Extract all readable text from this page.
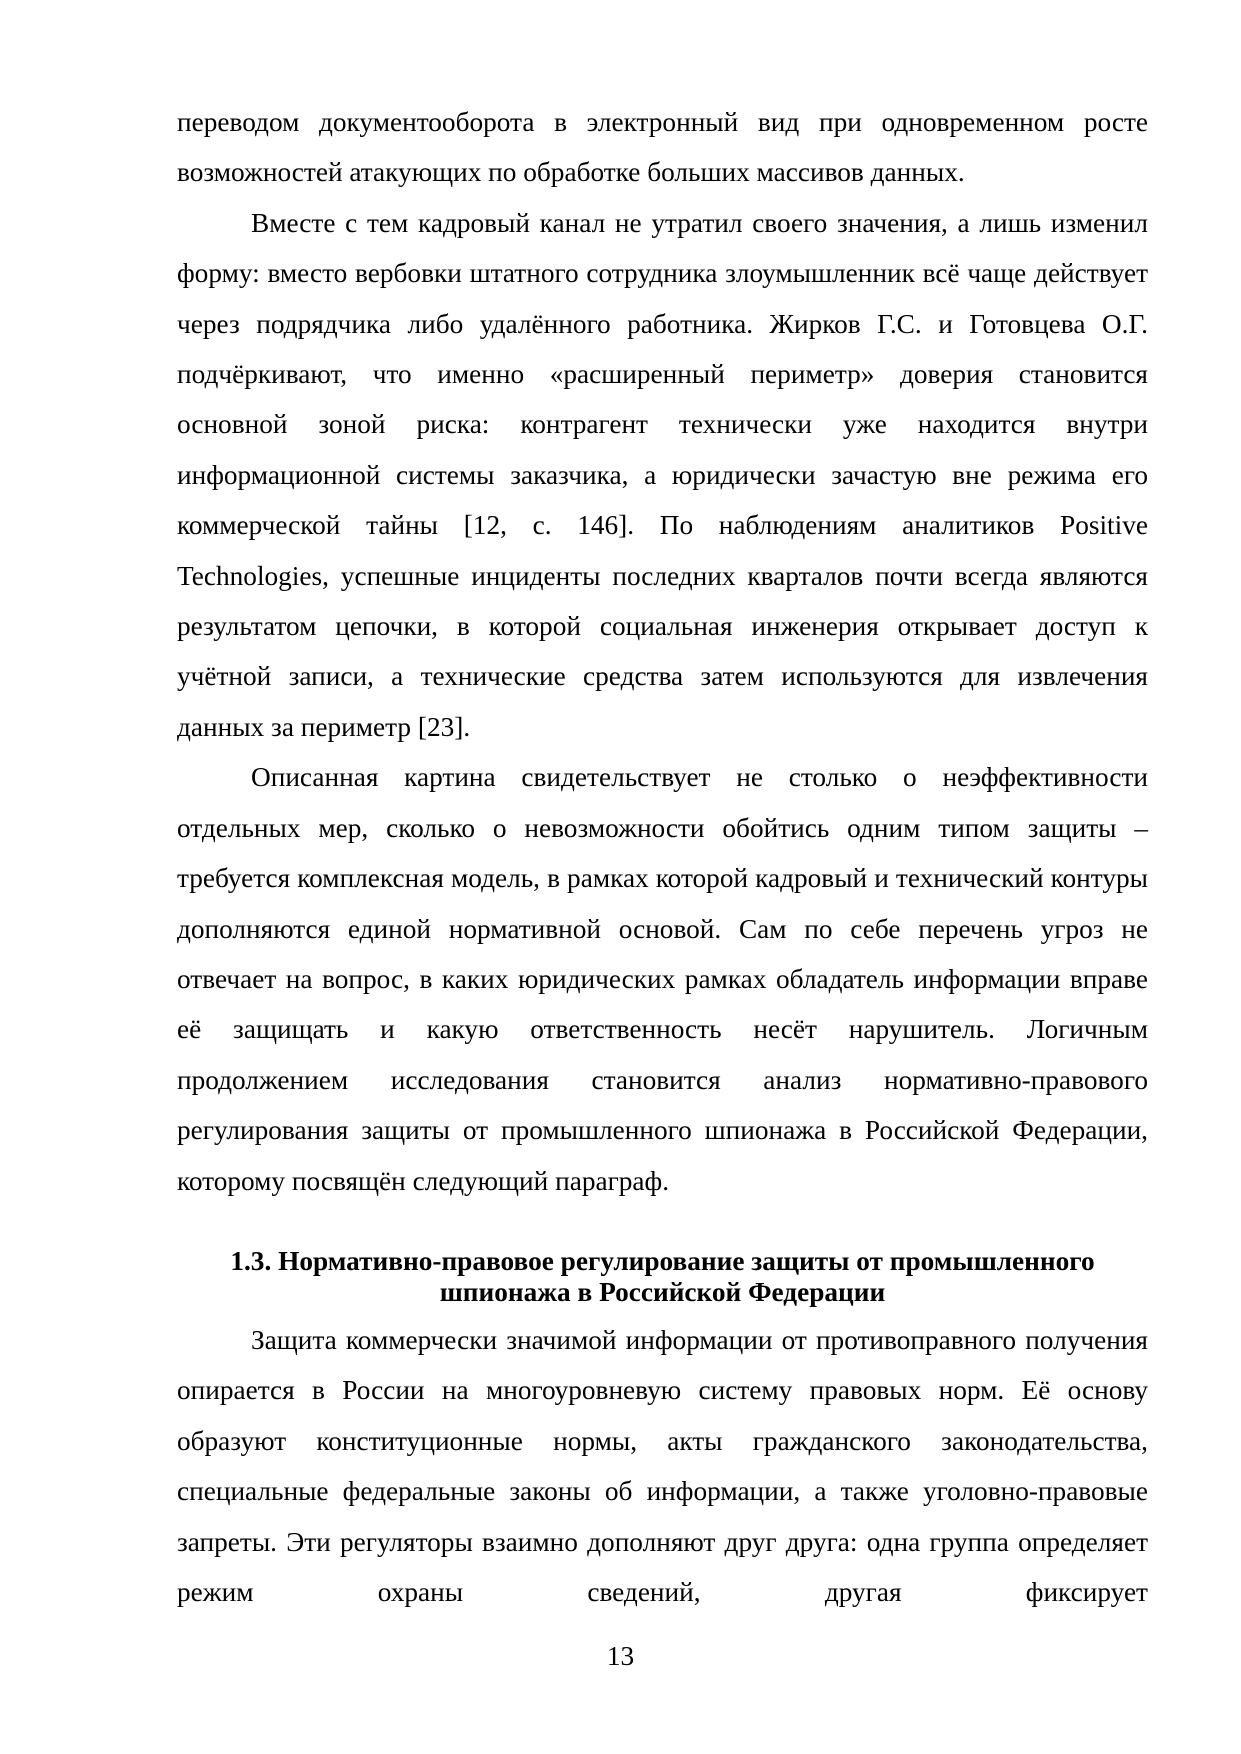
переводом документооборота в электронный вид при одновременном росте возможностей атакующих по обработке больших массивов данных.

Вместе с тем кадровый канал не утратил своего значения, а лишь изменил форму: вместо вербовки штатного сотрудника злоумышленник всё чаще действует через подрядчика либо удалённого работника. Жирков Г.С. и Готовцева О.Г. подчёркивают, что именно «расширенный периметр» доверия становится основной зоной риска: контрагент технически уже находится внутри информационной системы заказчика, а юридически зачастую вне режима его коммерческой тайны [12, с. 146]. По наблюдениям аналитиков Positive Technologies, успешные инциденты последних кварталов почти всегда являются результатом цепочки, в которой социальная инженерия открывает доступ к учётной записи, а технические средства затем используются для извлечения данных за периметр [23].

Описанная картина свидетельствует не столько о неэффективности отдельных мер, сколько о невозможности обойтись одним типом защиты – требуется комплексная модель, в рамках которой кадровый и технический контуры дополняются единой нормативной основой. Сам по себе перечень угроз не отвечает на вопрос, в каких юридических рамках обладатель информации вправе её защищать и какую ответственность несёт нарушитель. Логичным продолжением исследования становится анализ нормативно-правового регулирования защиты от промышленного шпионажа в Российской Федерации, которому посвящён следующий параграф.

1.3. Нормативно-правовое регулирование защиты от промышленного
шпионажа в Российской Федерации

Защита коммерчески значимой информации от противоправного получения опирается в России на многоуровневую систему правовых норм. Её основу образуют конституционные нормы, акты гражданского законодательства, специальные федеральные законы об информации, а также уголовно-правовые запреты. Эти регуляторы взаимно дополняют друг друга: одна группа определяет режим охраны сведений, другая фиксирует

13
